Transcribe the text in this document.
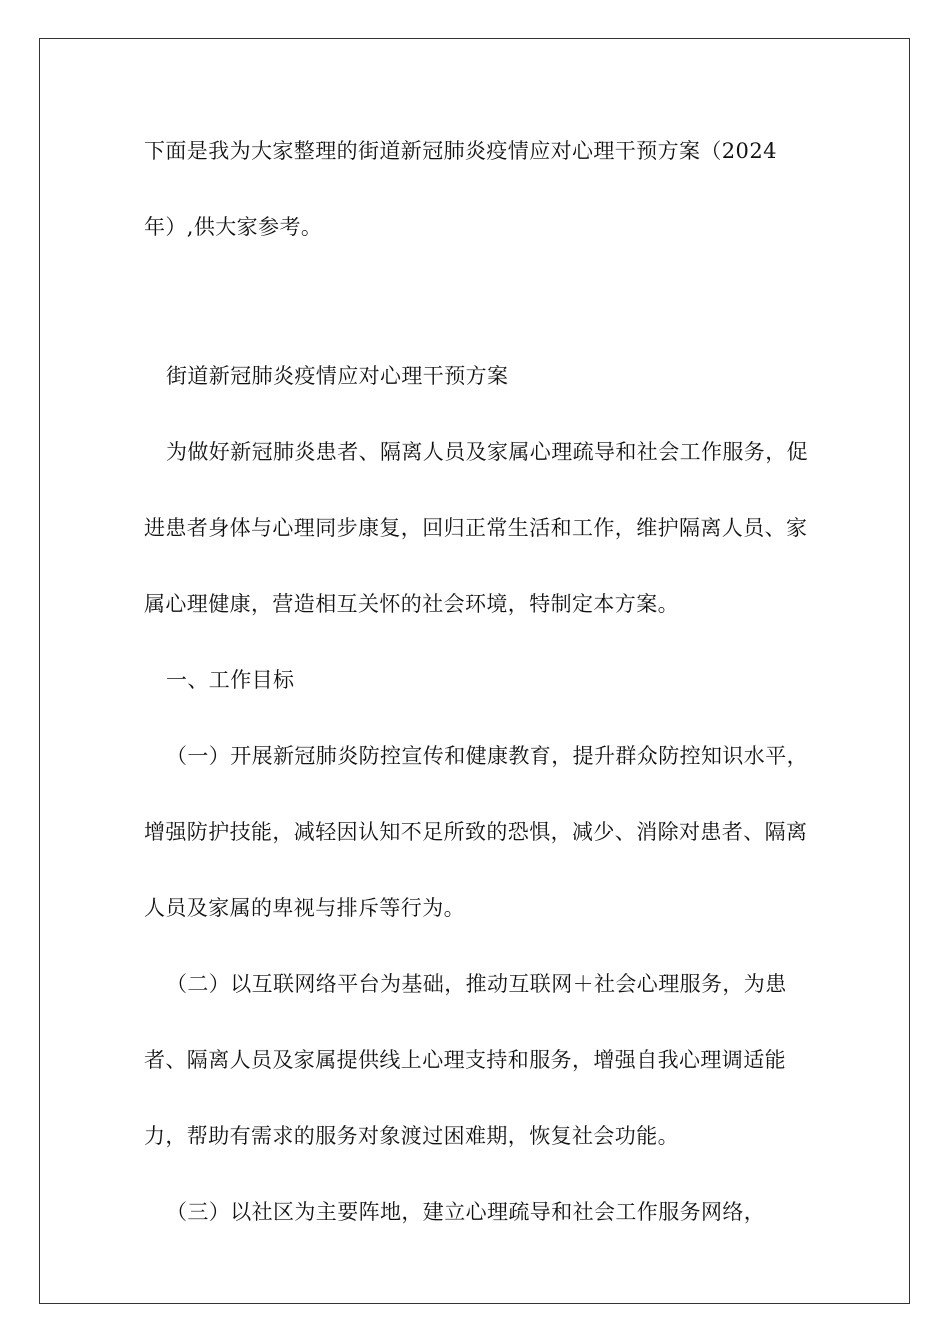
下面是我为大家整理的街道新冠肺炎疫情应对心理干预方案（2024年）,供大家参考。

街道新冠肺炎疫情应对心理干预方案

为做好新冠肺炎患者、隔离人员及家属心理疏导和社会工作服务，促进患者身体与心理同步康复，回归正常生活和工作，维护隔离人员、家属心理健康，营造相互关怀的社会环境，特制定本方案。

一、工作目标

（一）开展新冠肺炎防控宣传和健康教育，提升群众防控知识水平，增强防护技能，减轻因认知不足所致的恐惧，减少、消除对患者、隔离人员及家属的卑视与排斥等行为。

（二）以互联网络平台为基础，推动互联网＋社会心理服务，为患者、隔离人员及家属提供线上心理支持和服务，增强自我心理调适能力，帮助有需求的服务对象渡过困难期，恢复社会功能。

（三）以社区为主要阵地，建立心理疏导和社会工作服务网络，
